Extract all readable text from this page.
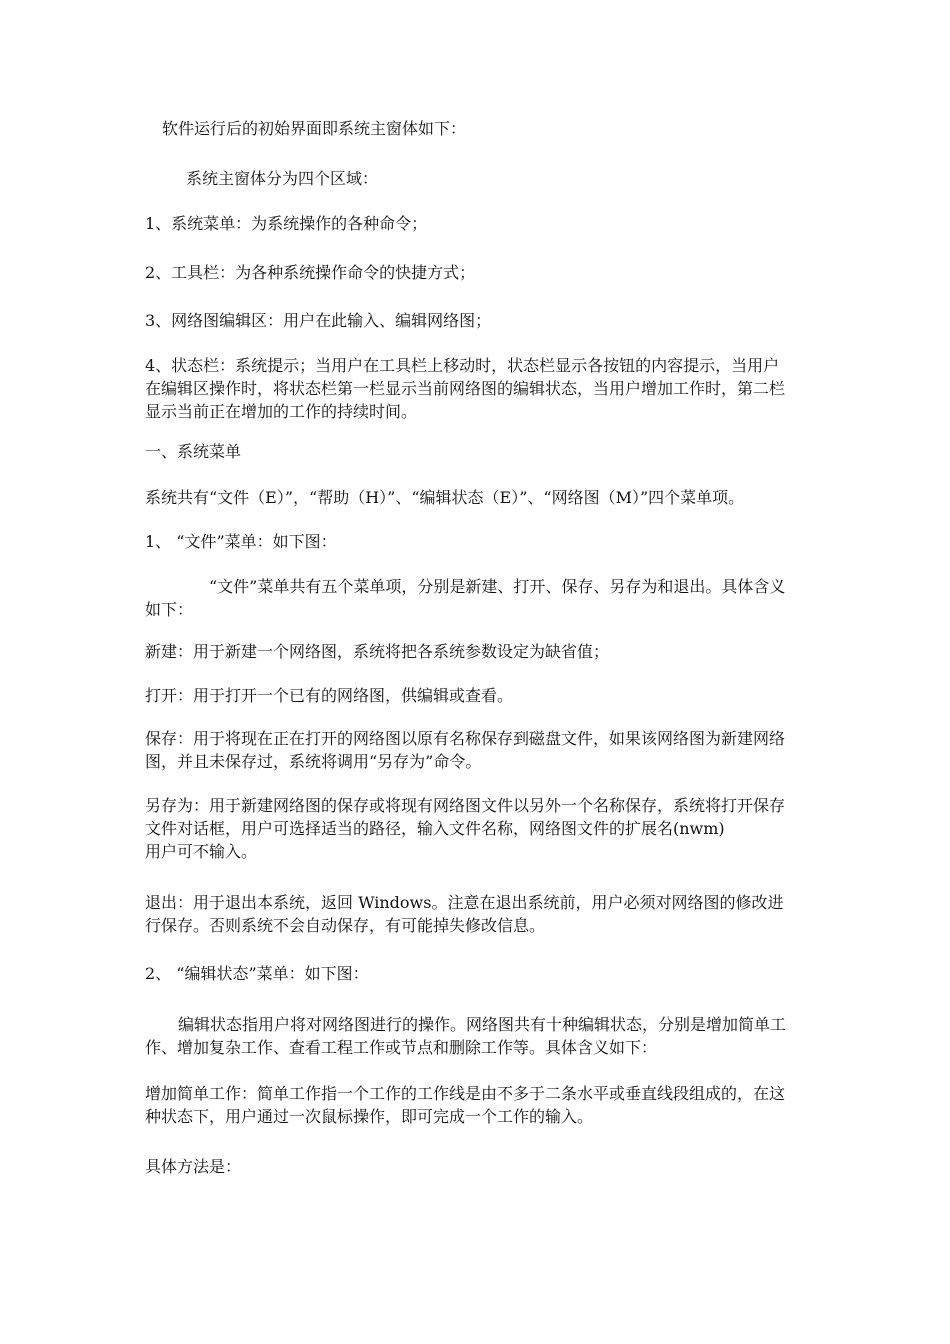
软件运行后的初始界面即系统主窗体如下：

系统主窗体分为四个区域：

1、系统菜单：为系统操作的各种命令；

2、工具栏：为各种系统操作命令的快捷方式；

3、网络图编辑区：用户在此输入、编辑网络图；

4、状态栏：系统提示；当用户在工具栏上移动时，状态栏显示各按钮的内容提示，当用户
在编辑区操作时，将状态栏第一栏显示当前网络图的编辑状态，当用户增加工作时，第二栏
显示当前正在增加的工作的持续时间。

一、系统菜单

系统共有“文件（E）”，“帮助（H）”、“编辑状态（E）”、“网络图（M）”四个菜单项。

1、 “文件”菜单：如下图：

“文件”菜单共有五个菜单项，分别是新建、打开、保存、另存为和退出。具体含义
如下：

新建：用于新建一个网络图，系统将把各系统参数设定为缺省值；

打开：用于打开一个已有的网络图，供编辑或查看。

保存：用于将现在正在打开的网络图以原有名称保存到磁盘文件，如果该网络图为新建网络
图，并且未保存过，系统将调用“另存为”命令。

另存为：用于新建网络图的保存或将现有网络图文件以另外一个名称保存，系统将打开保存
文件对话框，用户可选择适当的路径，输入文件名称，网络图文件的扩展名(nwm)
用户可不输入。

退出：用于退出本系统，返回 Windows。注意在退出系统前，用户必须对网络图的修改进
行保存。否则系统不会自动保存，有可能掉失修改信息。

2、 “编辑状态”菜单：如下图：

编辑状态指用户将对网络图进行的操作。网络图共有十种编辑状态，分别是增加简单工
作、增加复杂工作、查看工程工作或节点和删除工作等。具体含义如下：

增加简单工作：简单工作指一个工作的工作线是由不多于二条水平或垂直线段组成的，在这
种状态下，用户通过一次鼠标操作，即可完成一个工作的输入。

具体方法是：
